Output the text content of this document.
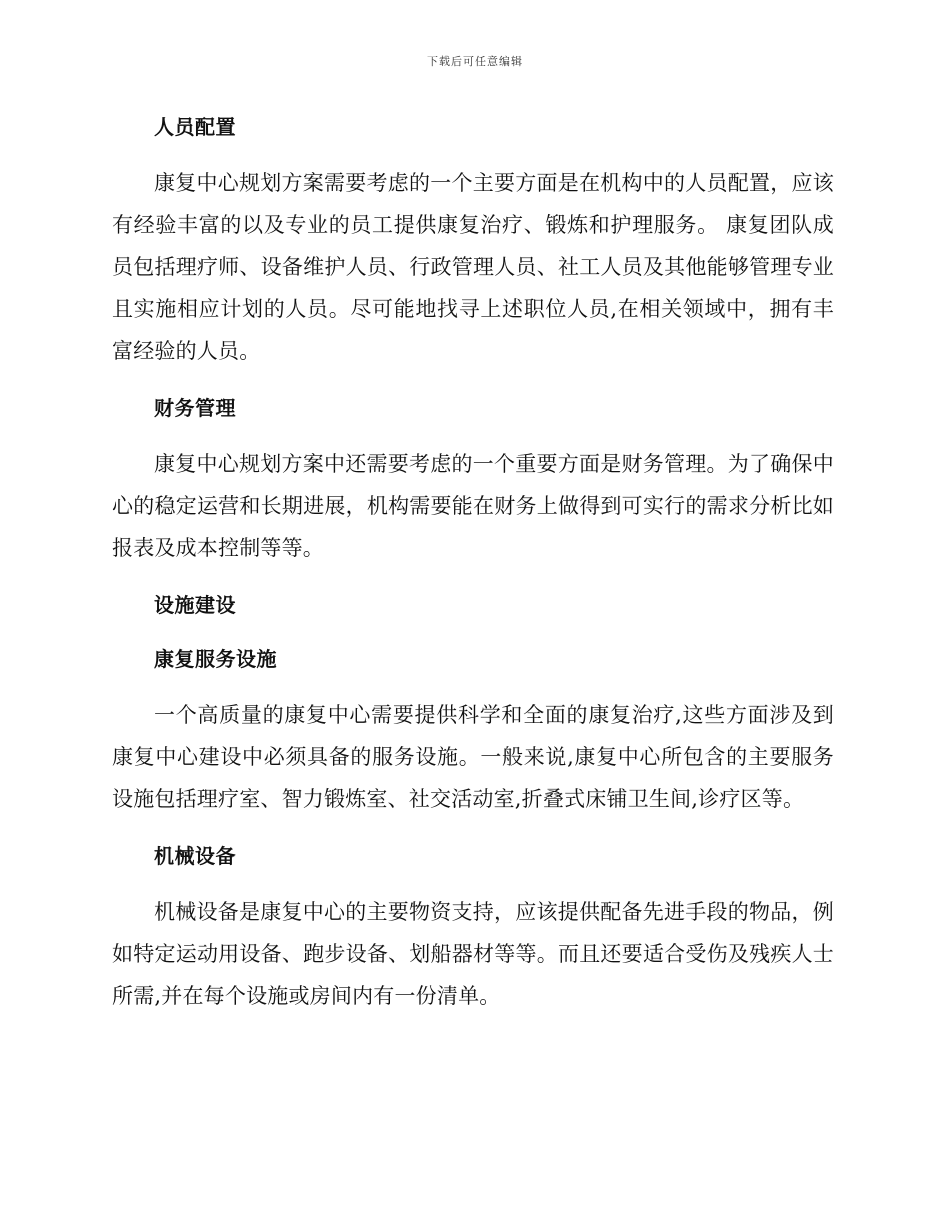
下载后可任意编辑
人员配置

康复中心规划方案需要考虑的一个主要方面是在机构中的人员配置，应该有经验丰富的以及专业的员工提供康复治疗、锻炼和护理服务。 康复团队成员包括理疗师、设备维护人员、行政管理人员、社工人员及其他能够管理专业且实施相应计划的人员。尽可能地找寻上述职位人员,在相关领域中，拥有丰富经验的人员。

财务管理

康复中心规划方案中还需要考虑的一个重要方面是财务管理。为了确保中心的稳定运营和长期进展，机构需要能在财务上做得到可实行的需求分析比如报表及成本控制等等。

设施建设
康复服务设施

一个高质量的康复中心需要提供科学和全面的康复治疗,这些方面涉及到康复中心建设中必须具备的服务设施。一般来说,康复中心所包含的主要服务设施包括理疗室、智力锻炼室、社交活动室,折叠式床铺卫生间,诊疗区等。

机械设备

机械设备是康复中心的主要物资支持，应该提供配备先进手段的物品，例如特定运动用设备、跑步设备、划船器材等等。而且还要适合受伤及残疾人士所需,并在每个设施或房间内有一份清单。
